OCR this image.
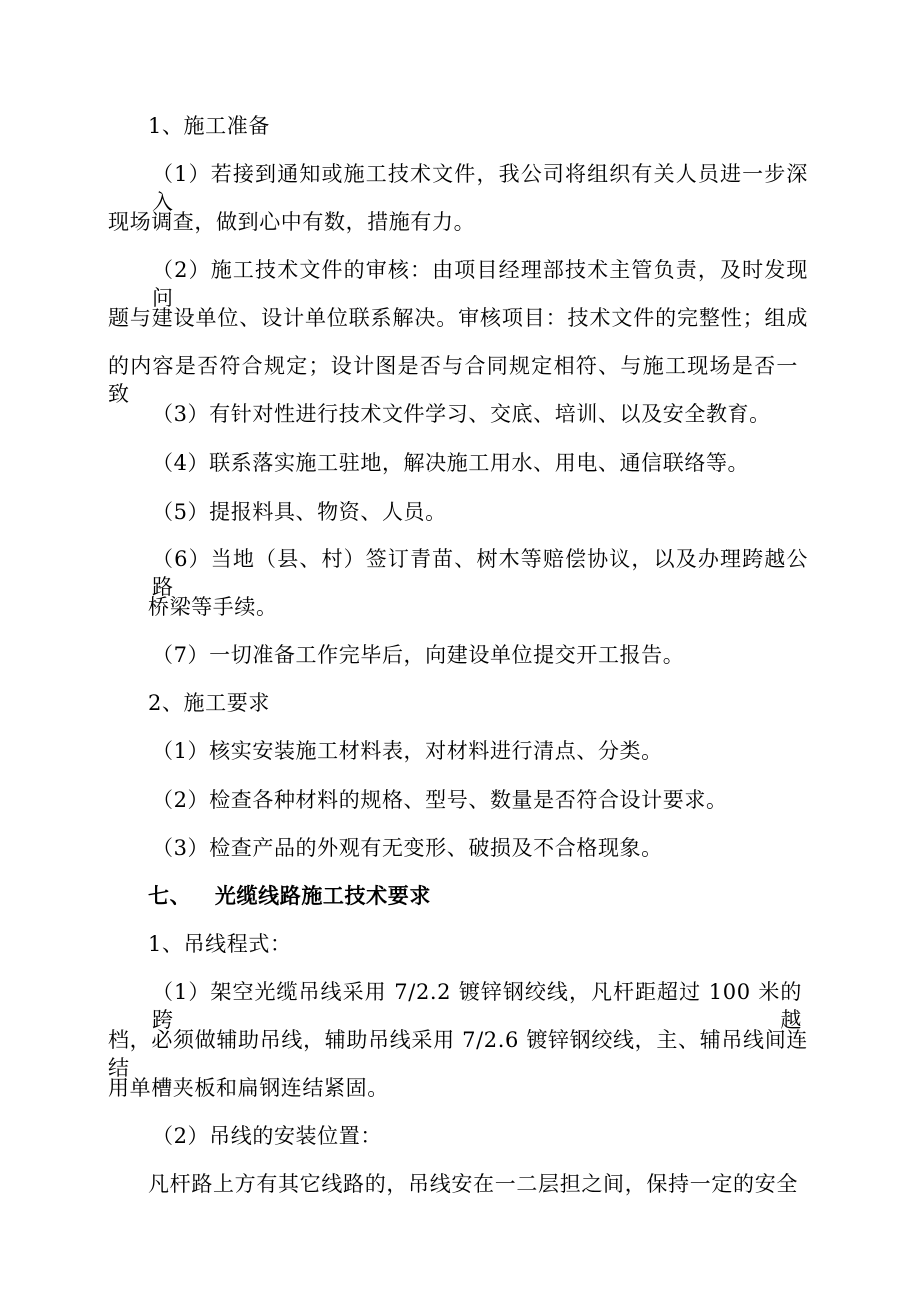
1、施工准备
（1）若接到通知或施工技术文件，我公司将组织有关人员进一步深入
现场调查，做到心中有数，措施有力。
（2）施工技术文件的审核：由项目经理部技术主管负责，及时发现问
题与建设单位、设计单位联系解决。审核项目：技术文件的完整性；组成
的内容是否符合规定；设计图是否与合同规定相符、与施工现场是否一致
（3）有针对性进行技术文件学习、交底、培训、以及安全教育。
（4）联系落实施工驻地，解决施工用水、用电、通信联络等。
（5）提报料具、物资、人员。
（6）当地（县、村）签订青苗、树木等赔偿协议，以及办理跨越公路
桥梁等手续。
（7）一切准备工作完毕后，向建设单位提交开工报告。
2、施工要求
（1）核实安装施工材料表，对材料进行清点、分类。
（2）检查各种材料的规格、型号、数量是否符合设计要求。
（3）检查产品的外观有无变形、破损及不合格现象。
七、   光缆线路施工技术要求
1、吊线程式：
（1）架空光缆吊线采用 7/2.2 镀锌钢绞线，凡杆距超过 100 米的跨越
档，必须做辅助吊线，辅助吊线采用 7/2.6 镀锌钢绞线，主、辅吊线间连结
用单槽夹板和扁钢连结紧固。
（2）吊线的安装位置：
凡杆路上方有其它线路的，吊线安在一二层担之间，保持一定的安全
